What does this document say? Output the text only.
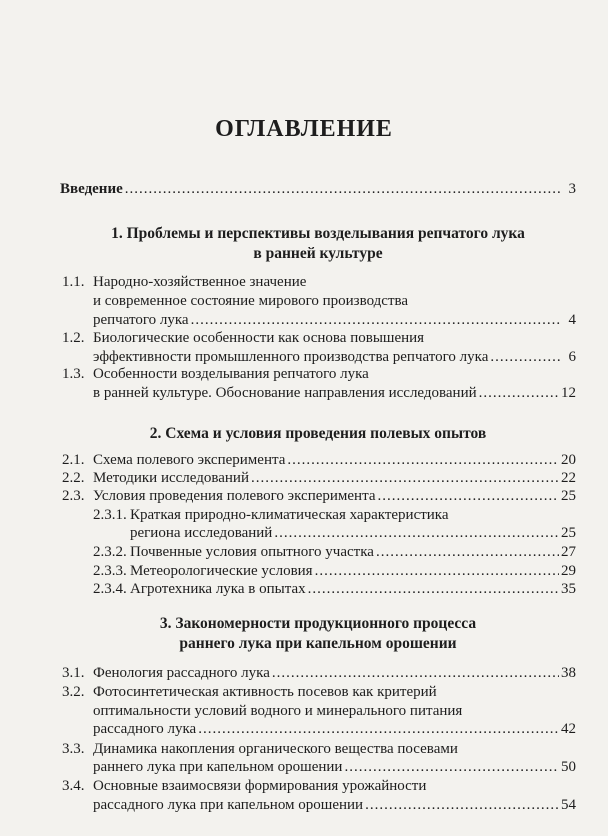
ОГЛАВЛЕНИЕ
Введение .....	3
1. Проблемы и перспективы возделывания репчатого лука
в ранней культуре
1.1. Народно-хозяйственное значение
и современное состояние мирового производства
репчатого лука .....	4
1.2. Биологические особенности как основа повышения
эффективности промышленного производства репчатого лука .....	6
1.3. Особенности возделывания репчатого лука
в ранней культуре. Обоснование направления исследований .....	12
2. Схема и условия проведения полевых опытов
2.1. Схема полевого эксперимента .....	20
2.2. Методики исследований .....	22
2.3. Условия проведения полевого эксперимента .....	25
2.3.1. Краткая природно-климатическая характеристика
региона исследований .....	25
2.3.2. Почвенные условия опытного участка .....	27
2.3.3. Метеорологические условия .....	29
2.3.4. Агротехника лука в опытах .....	35
3. Закономерности продукционного процесса
раннего лука при капельном орошении
3.1. Фенология рассадного лука .....	38
3.2. Фотосинтетическая активность посевов как критерий
оптимальности условий водного и минерального питания
рассадного лука .....	42
3.3. Динамика накопления органического вещества посевами
раннего лука при капельном орошении .....	50
3.4. Основные взаимосвязи формирования урожайности
рассадного лука при капельном орошении .....	54
